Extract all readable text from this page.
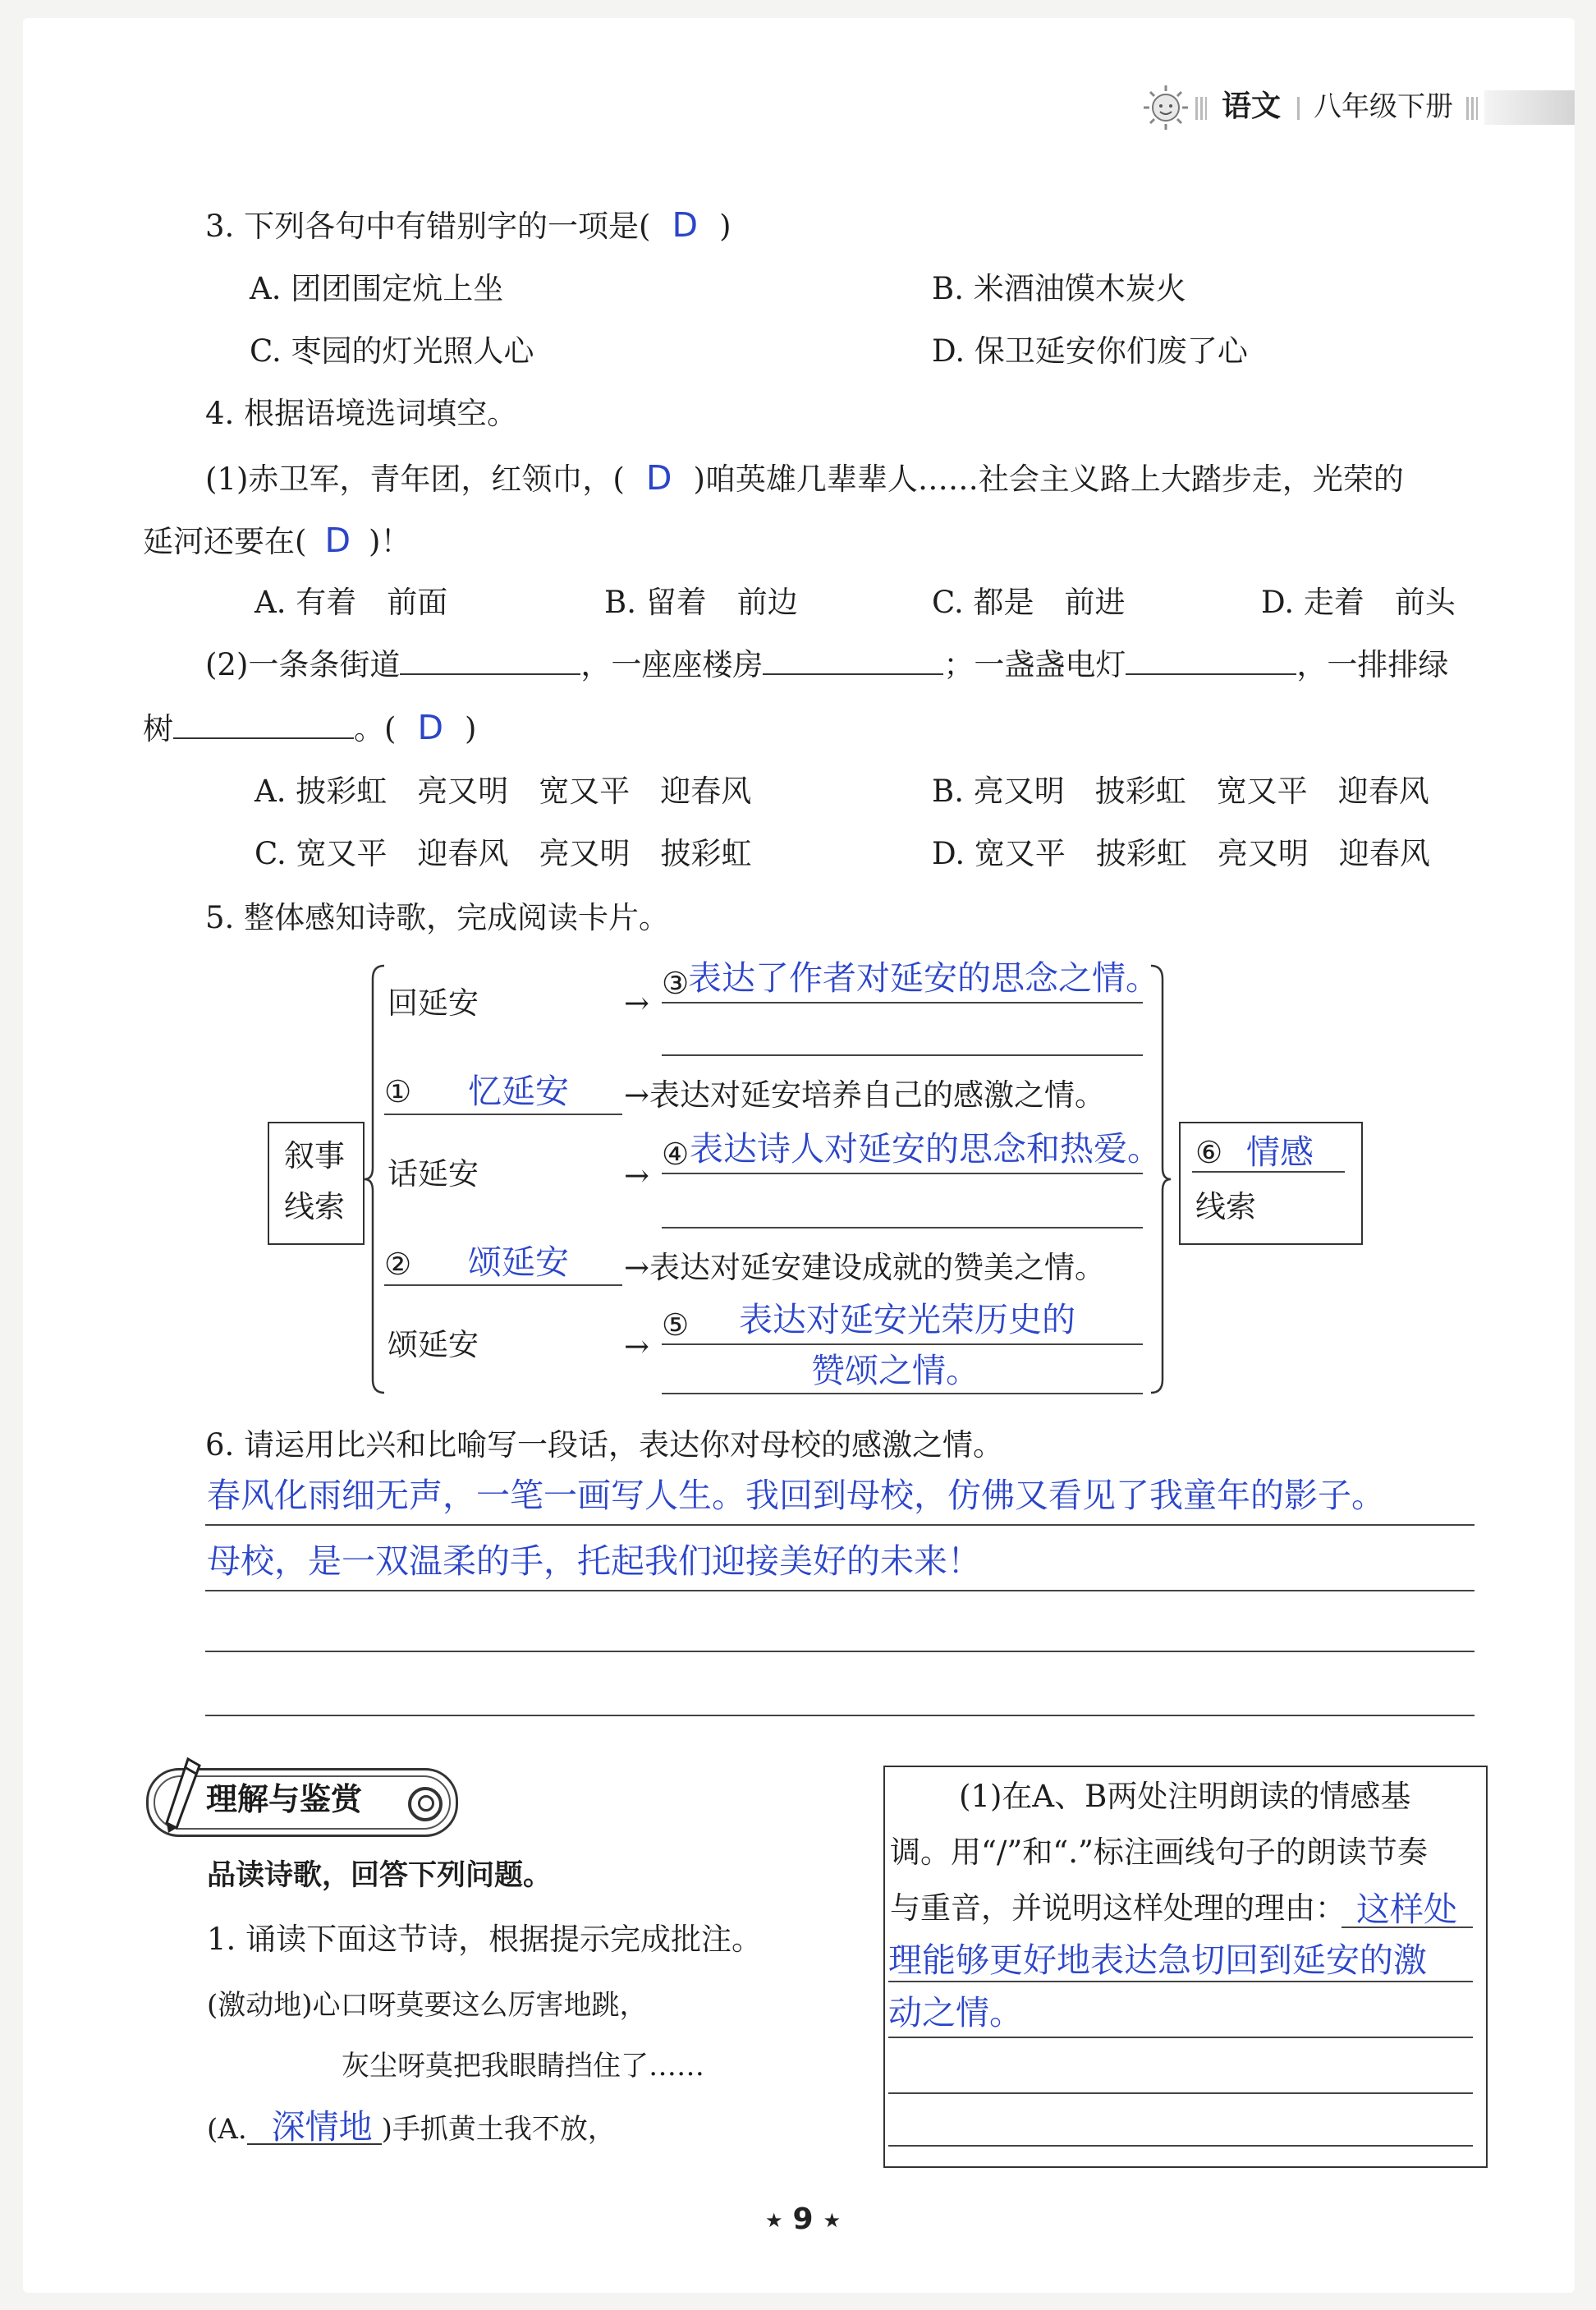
语文 八年级下册
3. 下列各句中有错别字的一项是( D )
A. 团团围定炕上坐	B. 米酒油馍木炭火
C. 枣园的灯光照人心	D. 保卫延安你们废了心
4. 根据语境选词填空。
(1)赤卫军，青年团，红领巾，( D )咱英雄几辈辈人……社会主义路上大踏步走，光荣的
延河还要在( D )！
A. 有着　前面	B. 留着　前边	C. 都是　前进	D. 走着　前头
(2)一条条街道	，一座座楼房	；一盏盏电灯	，一排排绿
树	。( D )
A. 披彩虹　亮又明　宽又平　迎春风	B. 亮又明　披彩虹　宽又平　迎春风
C. 宽又平　迎春风　亮又明　披彩虹	D. 宽又平　披彩虹　亮又明　迎春风
5. 整体感知诗歌，完成阅读卡片。
叙事
线索
回延安	→
③
表达了作者对延安的思念之情。
① 忆延安 →表达对延安培养自己的感激之情。
话延安	→
④ 表达诗人对延安的思念和热爱。
② 颂延安 →表达对延安建设成就的赞美之情。
颂延安	→
⑤ 表达对延安光荣历史的
赞颂之情。
⑥ 情感
线索
6. 请运用比兴和比喻写一段话，表达你对母校的感激之情。
春风化雨细无声，一笔一画写人生。我回到母校，仿佛又看见了我童年的影子。
母校，是一双温柔的手，托起我们迎接美好的未来！
理解与鉴赏
品读诗歌，回答下列问题。
1. 诵读下面这节诗，根据提示完成批注。
(激动地)心口呀莫要这么厉害地跳，
灰尘呀莫把我眼睛挡住了……
(A. 深情地 )手抓黄土我不放，
(1)在A、B两处注明朗读的情感基
调。用“/”和“.”标注画线句子的朗读节奏
与重音，并说明这样处理的理由： 这样处
理能够更好地表达急切回到延安的激
动之情。
★ 9 ★
